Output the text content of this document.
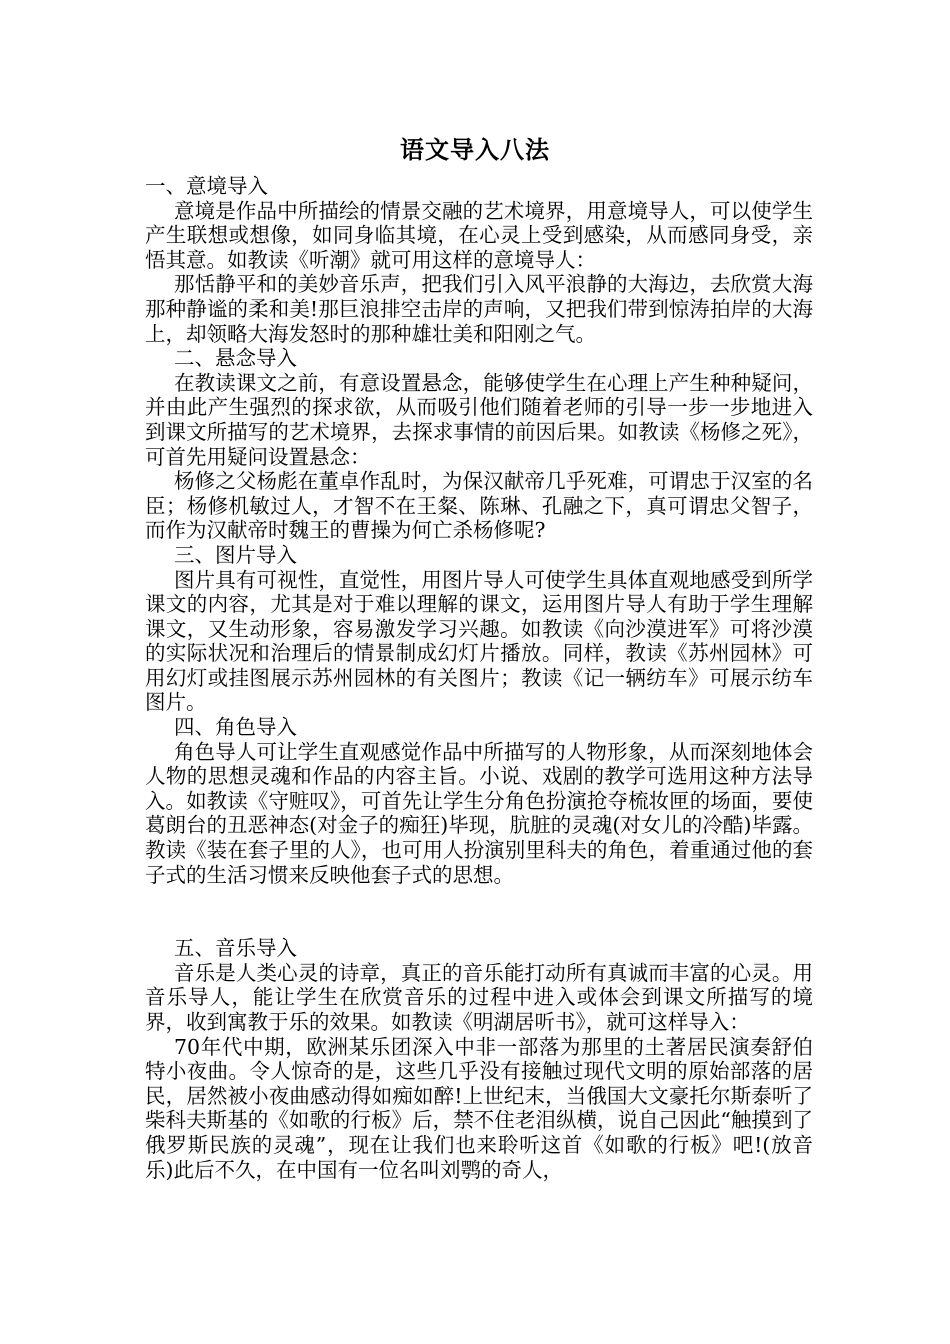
语文导入八法

一、意境导入

意境是作品中所描绘的情景交融的艺术境界，用意境导人，可以使学生产生联想或想像，如同身临其境，在心灵上受到感染，从而感同身受，亲悟其意。如教读《听潮》就可用这样的意境导人：

那恬静平和的美妙音乐声，把我们引入风平浪静的大海边，去欣赏大海那种静谧的柔和美!那巨浪排空击岸的声响，又把我们带到惊涛拍岸的大海上，却领略大海发怒时的那种雄壮美和阳刚之气。

二、悬念导入

在教读课文之前，有意设置悬念，能够使学生在心理上产生种种疑问，并由此产生强烈的探求欲，从而吸引他们随着老师的引导一步一步地进入到课文所描写的艺术境界，去探求事情的前因后果。如教读《杨修之死》，可首先用疑问设置悬念：

杨修之父杨彪在董卓作乱时，为保汉献帝几乎死难，可谓忠于汉室的名臣；杨修机敏过人，才智不在王粲、陈琳、孔融之下，真可谓忠父智子，而作为汉献帝时魏王的曹操为何亡杀杨修呢?

三、图片导入

图片具有可视性，直觉性，用图片导人可使学生具体直观地感受到所学课文的内容，尤其是对于难以理解的课文，运用图片导人有助于学生理解课文，又生动形象，容易激发学习兴趣。如教读《向沙漠进军》可将沙漠的实际状况和治理后的情景制成幻灯片播放。同样，教读《苏州园林》可用幻灯或挂图展示苏州园林的有关图片；教读《记一辆纺车》可展示纺车图片。

四、角色导入

角色导人可让学生直观感觉作品中所描写的人物形象，从而深刻地体会人物的思想灵魂和作品的内容主旨。小说、戏剧的教学可选用这种方法导入。如教读《守赃叹》，可首先让学生分角色扮演抢夺梳妆匣的场面，要使葛朗台的丑恶神态(对金子的痴狂)毕现，肮脏的灵魂(对女儿的冷酷)毕露。教读《装在套子里的人》，也可用人扮演别里科夫的角色，着重通过他的套子式的生活习惯来反映他套子式的思想。

五、音乐导入

音乐是人类心灵的诗章，真正的音乐能打动所有真诚而丰富的心灵。用音乐导人，能让学生在欣赏音乐的过程中进入或体会到课文所描写的境界，收到寓教于乐的效果。如教读《明湖居听书》，就可这样导入：

70年代中期，欧洲某乐团深入中非一部落为那里的土著居民演奏舒伯特小夜曲。令人惊奇的是，这些几乎没有接触过现代文明的原始部落的居民，居然被小夜曲感动得如痴如醉!上世纪末，当俄国大文豪托尔斯泰听了柴科夫斯基的《如歌的行板》后，禁不住老泪纵横，说自己因此“触摸到了俄罗斯民族的灵魂”，现在让我们也来聆听这首《如歌的行板》吧!(放音乐)此后不久，在中国有一位名叫刘鹗的奇人，
